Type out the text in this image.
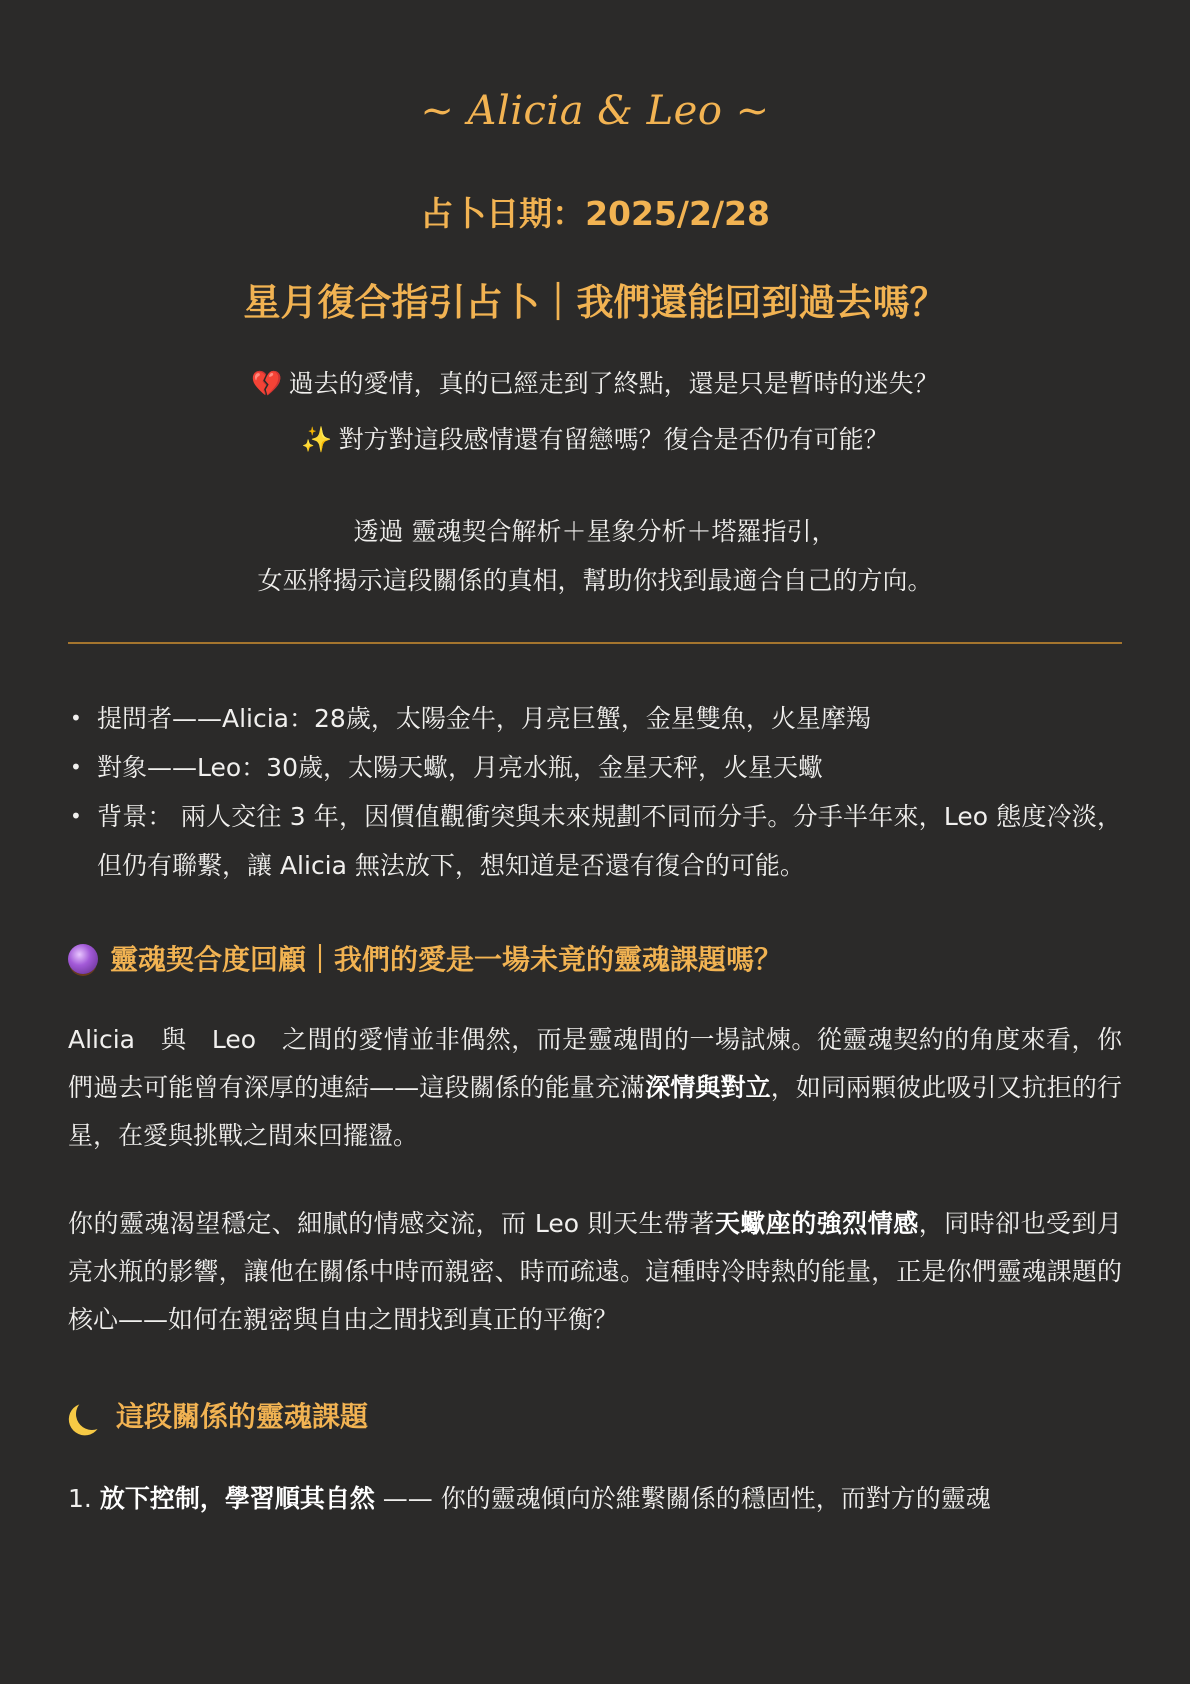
~ Alicia & Leo ~
占卜日期：2025/2/28
星月復合指引占卜｜我們還能回到過去嗎？
💔 過去的愛情，真的已經走到了終點，還是只是暫時的迷失？
✨ 對方對這段感情還有留戀嗎？復合是否仍有可能？
透過 靈魂契合解析＋星象分析＋塔羅指引，
女巫將揭示這段關係的真相，幫助你找到最適合自己的方向。
• 提問者——Alicia：28歲，太陽金牛，月亮巨蟹，金星雙魚，火星摩羯
• 對象——Leo：30歲，太陽天蠍，月亮水瓶，金星天秤，火星天蠍
• 背景： 兩人交往 3 年，因價值觀衝突與未來規劃不同而分手。分手半年來，Leo 態度冷淡，但仍有聯繫，讓 Alicia 無法放下，想知道是否還有復合的可能。
靈魂契合度回顧｜我們的愛是一場未竟的靈魂課題嗎？

Alicia　與　Leo　之間的愛情並非偶然，而是靈魂間的一場試煉。從靈魂契約的角度來看，你們過去可能曾有深厚的連結——這段關係的能量充滿深情與對立，如同兩顆彼此吸引又抗拒的行星，在愛與挑戰之間來回擺盪。

你的靈魂渴望穩定、細膩的情感交流，而 Leo 則天生帶著天蠍座的強烈情感，同時卻也受到月亮水瓶的影響，讓他在關係中時而親密、時而疏遠。這種時冷時熱的能量，正是你們靈魂課題的核心——如何在親密與自由之間找到真正的平衡？

這段關係的靈魂課題

1. 放下控制，學習順其自然 —— 你的靈魂傾向於維繫關係的穩固性，而對方的靈魂
